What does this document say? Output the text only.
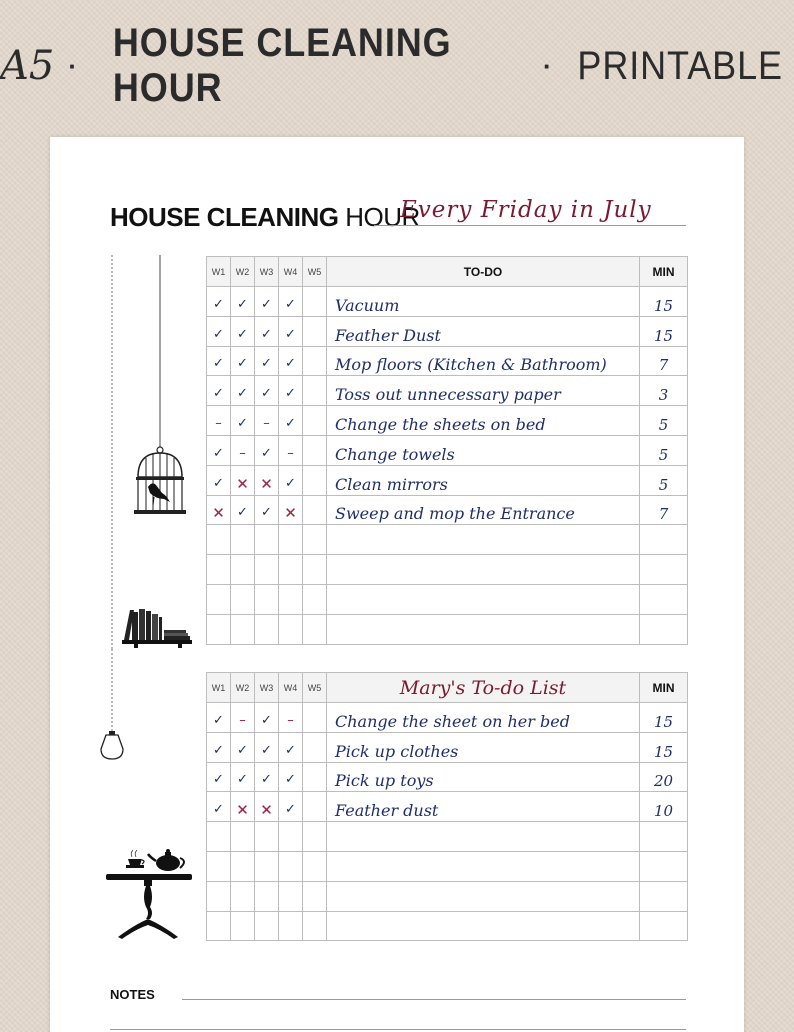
A5 ·
HOUSE CLEANING HOUR
· PRINTABLE
HOUSE CLEANING HOUR
Every Friday in July
W1	W2	W3	W4	W5	TO-DO	MIN
✓	✓	✓	✓		Vacuum	15
✓	✓	✓	✓		Feather Dust	15
✓	✓	✓	✓		Mop floors (Kitchen & Bathroom)	7
✓	✓	✓	✓		Toss out unnecessary paper	3
–	✓	–	✓		Change the sheets on bed	5
✓	–	✓	–		Change towels	5
✓	✕	✕	✓		Clean mirrors	5
✕	✓	✓	✕		Sweep and mop the Entrance	7

W1	W2	W3	W4	W5	Mary's To-do List	MIN
✓	–	✓	–		Change the sheet on her bed	15
✓	✓	✓	✓		Pick up clothes	15
✓	✓	✓	✓		Pick up toys	20
✓	✕	✕	✓		Feather dust	10

NOTES
